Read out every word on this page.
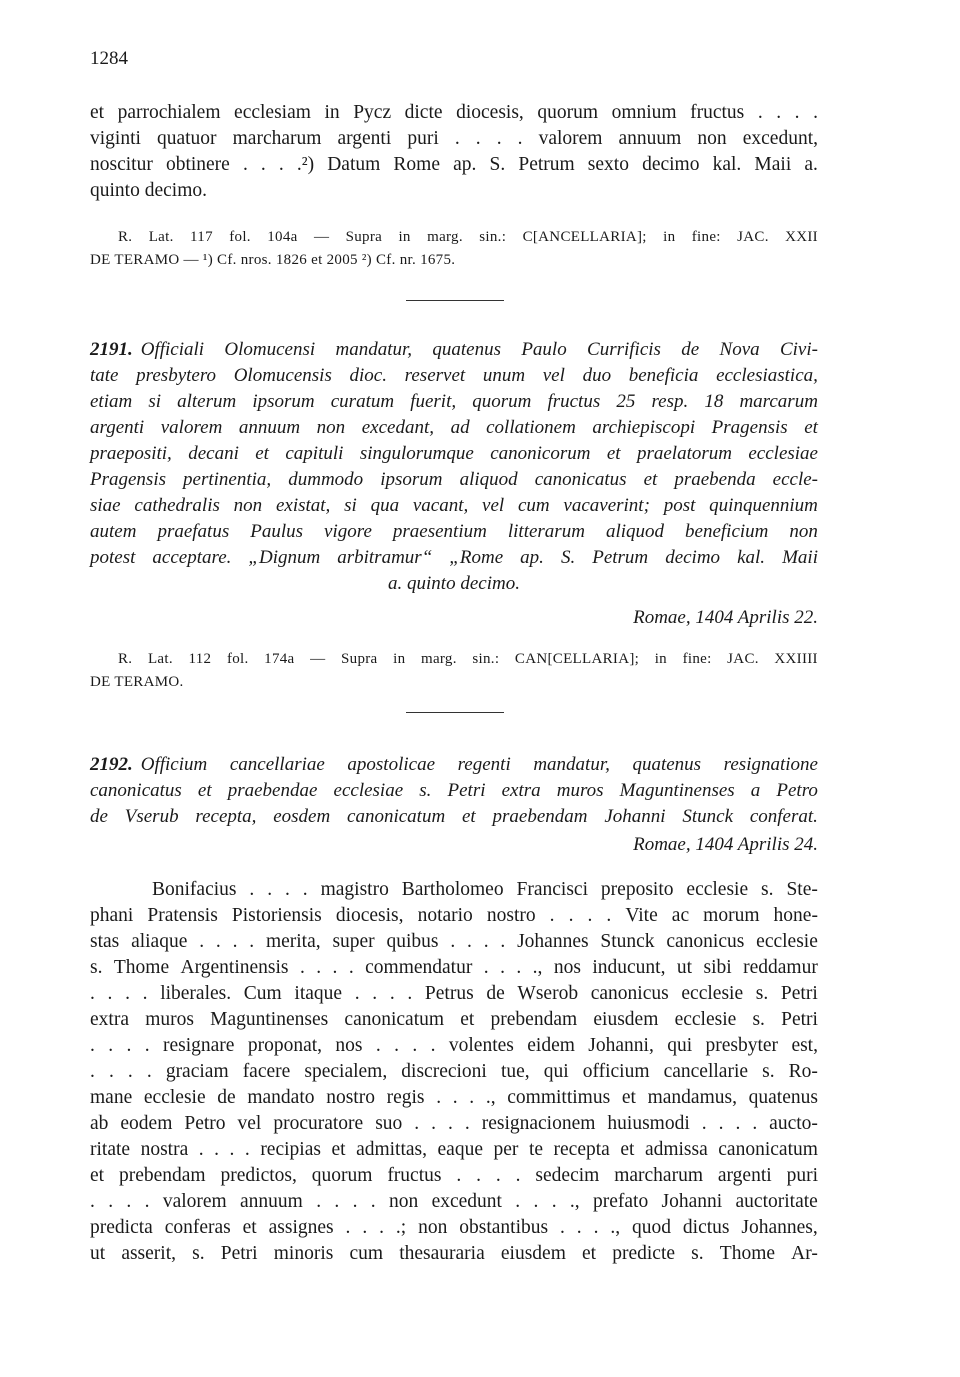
1284
et parrochialem ecclesiam in Pycz dicte diocesis, quorum omnium fructus . . . .
viginti quatuor marcharum argenti puri . . . . valorem annuum non excedunt,
noscitur obtinere . . . .²) Datum Rome ap. S. Petrum sexto decimo kal. Maii a.
quinto decimo.
R. Lat. 117 fol. 104a — Supra in marg. sin.: C[ANCELLARIA]; in fine: JAC. XXII
DE TERAMO — ¹) Cf. nros. 1826 et 2005 ²) Cf. nr. 1675.
2191. Officiali Olomucensi mandatur, quatenus Paulo Currificis de Nova Civi-
tate presbytero Olomucensis dioc. reservet unum vel duo beneficia ecclesiastica,
etiam si alterum ipsorum curatum fuerit, quorum fructus 25 resp. 18 marcarum
argenti valorem annuum non excedant, ad collationem archiepiscopi Pragensis et
praepositi, decani et capituli singulorumque canonicorum et praelatorum ecclesiae
Pragensis pertinentia, dummodo ipsorum aliquod canonicatus et praebenda eccle-
siae cathedralis non existat, si qua vacant, vel cum vacaverint; post quinquennium
autem praefatus Paulus vigore praesentium litterarum aliquod beneficium non
potest acceptare. „Dignum arbitramur“ „Rome ap. S. Petrum decimo kal. Maii
a. quinto decimo.
Romae, 1404 Aprilis 22.
R. Lat. 112 fol. 174a — Supra in marg. sin.: CAN[CELLARIA]; in fine: JAC. XXIIII
DE TERAMO.
2192. Officium cancellariae apostolicae regenti mandatur, quatenus resignatione
canonicatus et praebendae ecclesiae s. Petri extra muros Maguntinenses a Petro
de Vserub recepta, eosdem canonicatum et praebendam Johanni Stunck conferat.
Romae, 1404 Aprilis 24.
Bonifacius . . . . magistro Bartholomeo Francisci preposito ecclesie s. Ste-
phani Pratensis Pistoriensis diocesis, notario nostro . . . . Vite ac morum hone-
stas aliaque . . . . merita, super quibus . . . . Johannes Stunck canonicus ecclesie
s. Thome Argentinensis . . . . commendatur . . . ., nos inducunt, ut sibi reddamur
. . . . liberales. Cum itaque . . . . Petrus de Wserob canonicus ecclesie s. Petri
extra muros Maguntinenses canonicatum et prebendam eiusdem ecclesie s. Petri
. . . . resignare proponat, nos . . . . volentes eidem Johanni, qui presbyter est,
. . . . graciam facere specialem, discrecioni tue, qui officium cancellarie s. Ro-
mane ecclesie de mandato nostro regis . . . ., committimus et mandamus, quatenus
ab eodem Petro vel procuratore suo . . . . resignacionem huiusmodi . . . . aucto-
ritate nostra . . . . recipias et admittas, eaque per te recepta et admissa canonicatum
et prebendam predictos, quorum fructus . . . . sedecim marcharum argenti puri
. . . . valorem annuum . . . . non excedunt . . . ., prefato Johanni auctoritate
predicta conferas et assignes . . . .; non obstantibus . . . ., quod dictus Johannes,
ut asserit, s. Petri minoris cum thesauraria eiusdem et predicte s. Thome Ar-
